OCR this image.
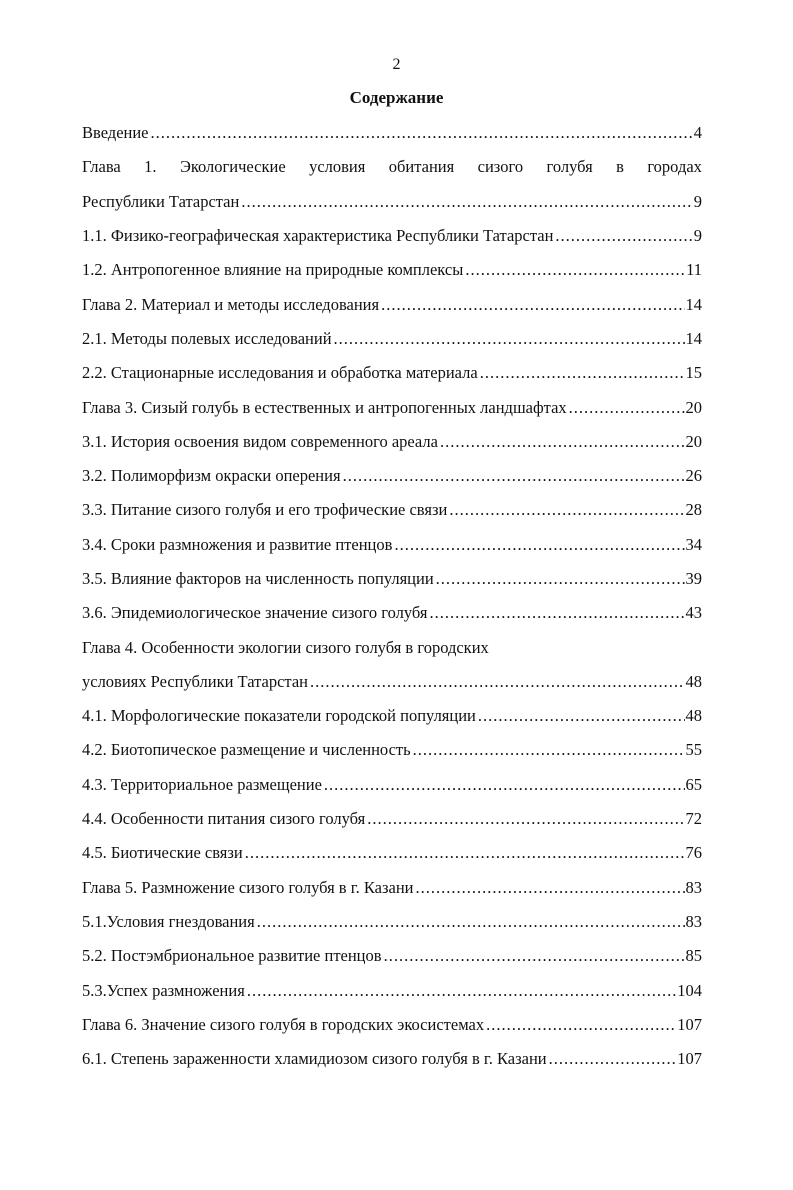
2
Содержание
Введение .....	4
Глава 1. Экологические условия обитания сизого голубя в городах
Республики Татарстан .....	9
1.1. Физико-географическая характеристика Республики Татарстан .....	9
1.2. Антропогенное влияние на природные комплексы .....	11
Глава 2. Материал и методы исследования .....	14
2.1. Методы полевых исследований .....	14
2.2. Стационарные исследования и обработка материала .....	15
Глава 3. Сизый голубь в естественных и антропогенных ландшафтах .....	20
3.1. История освоения видом современного ареала .....	20
3.2. Полиморфизм окраски оперения .....	26
3.3. Питание сизого голубя и его трофические связи .....	28
3.4. Сроки размножения и развитие птенцов .....	34
3.5. Влияние факторов на численность популяции .....	39
3.6. Эпидемиологическое значение сизого голубя .....	43
Глава 4. Особенности экологии сизого голубя в городских
условиях Республики Татарстан .....	48
4.1. Морфологические показатели городской популяции .....	48
4.2. Биотопическое размещение и численность .....	55
4.3. Территориальное размещение .....	65
4.4. Особенности питания сизого голубя .....	72
4.5. Биотические связи .....	76
Глава 5. Размножение сизого голубя в г. Казани .....	83
5.1.Условия гнездования .....	83
5.2. Постэмбриональное развитие птенцов .....	85
5.3.Успех размножения .....	104
Глава 6. Значение сизого голубя в городских экосистемах .....	107
6.1. Степень зараженности хламидиозом сизого голубя в г. Казани .....	107
